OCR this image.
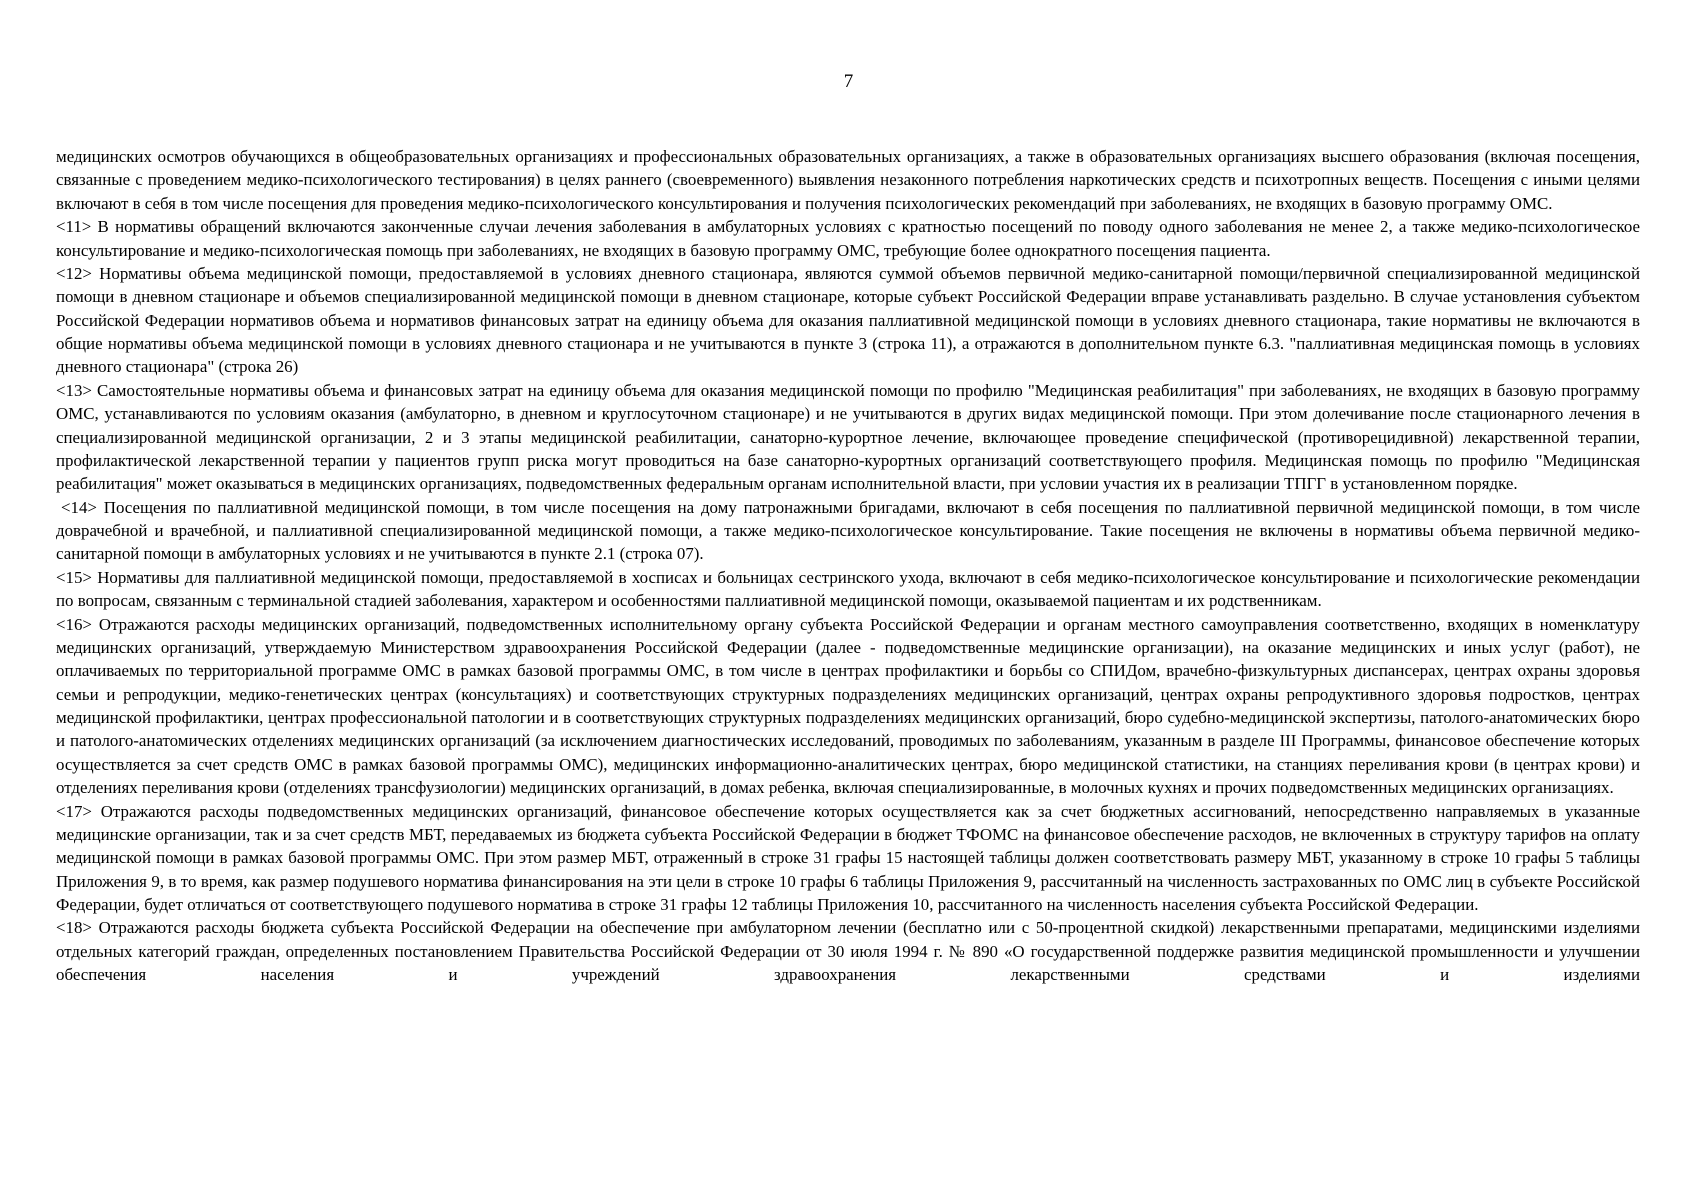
7

медицинских осмотров обучающихся в общеобразовательных организациях и профессиональных образовательных организациях, а также в образовательных организациях высшего образования (включая посещения, связанные с проведением медико-психологического тестирования) в целях раннего (своевременного) выявления незаконного потребления наркотических средств и психотропных веществ. Посещения с иными целями включают в себя в том числе посещения для проведения медико-психологического консультирования и получения психологических рекомендаций при заболеваниях, не входящих в базовую программу ОМС.

<11> В нормативы обращений включаются законченные случаи лечения заболевания в амбулаторных условиях с кратностью посещений по поводу одного заболевания не менее 2, а также медико-психологическое консультирование и медико-психологическая помощь при заболеваниях, не входящих в базовую программу ОМС, требующие более однократного посещения пациента.

<12> Нормативы объема медицинской помощи, предоставляемой в условиях дневного стационара, являются суммой объемов первичной медико-санитарной помощи/первичной специализированной медицинской помощи в дневном стационаре и объемов специализированной медицинской помощи в дневном стационаре, которые субъект Российской Федерации вправе устанавливать раздельно. В случае установления субъектом Российской Федерации нормативов объема и нормативов финансовых затрат на единицу объема для оказания паллиативной медицинской помощи в условиях дневного стационара, такие нормативы не включаются в общие нормативы объема медицинской помощи в условиях дневного стационара и не учитываются в пункте 3 (строка 11), а отражаются в дополнительном пункте 6.3. "паллиативная медицинская помощь в условиях дневного стационара" (строка 26)

<13> Самостоятельные нормативы объема и финансовых затрат на единицу объема для оказания медицинской помощи по профилю "Медицинская реабилитация" при заболеваниях, не входящих в базовую программу ОМС, устанавливаются по условиям оказания (амбулаторно, в дневном и круглосуточном стационаре) и не учитываются в других видах медицинской помощи. При этом долечивание после стационарного лечения в специализированной медицинской организации, 2 и 3 этапы медицинской реабилитации, санаторно-курортное лечение, включающее проведение специфической (противорецидивной) лекарственной терапии, профилактической лекарственной терапии у пациентов групп риска могут проводиться на базе санаторно-курортных организаций соответствующего профиля. Медицинская помощь по профилю "Медицинская реабилитация" может оказываться в медицинских организациях, подведомственных федеральным органам исполнительной власти, при условии участия их в реализации ТПГГ в установленном порядке.

<14> Посещения по паллиативной медицинской помощи, в том числе посещения на дому патронажными бригадами, включают в себя посещения по паллиативной первичной медицинской помощи, в том числе доврачебной и врачебной, и паллиативной специализированной медицинской помощи, а также медико-психологическое консультирование. Такие посещения не включены в нормативы объема первичной медико-санитарной помощи в амбулаторных условиях и не учитываются в пункте 2.1 (строка 07).

<15> Нормативы для паллиативной медицинской помощи, предоставляемой в хосписах и больницах сестринского ухода, включают в себя медико-психологическое консультирование и психологические рекомендации по вопросам, связанным с терминальной стадией заболевания, характером и особенностями паллиативной медицинской помощи, оказываемой пациентам и их родственникам.

<16> Отражаются расходы медицинских организаций, подведомственных исполнительному органу субъекта Российской Федерации и органам местного самоуправления соответственно, входящих в номенклатуру медицинских организаций, утверждаемую Министерством здравоохранения Российской Федерации (далее - подведомственные медицинские организации), на оказание медицинских и иных услуг (работ), не оплачиваемых по территориальной программе ОМС в рамках базовой программы ОМС, в том числе в центрах профилактики и борьбы со СПИДом, врачебно-физкультурных диспансерах, центрах охраны здоровья семьи и репродукции, медико-генетических центрах (консультациях) и соответствующих структурных подразделениях медицинских организаций, центрах охраны репродуктивного здоровья подростков, центрах медицинской профилактики, центрах профессиональной патологии и в соответствующих структурных подразделениях медицинских организаций, бюро судебно-медицинской экспертизы, патолого-анатомических бюро и патолого-анатомических отделениях медицинских организаций (за исключением диагностических исследований, проводимых по заболеваниям, указанным в разделе III Программы, финансовое обеспечение которых осуществляется за счет средств ОМС в рамках базовой программы ОМС), медицинских информационно-аналитических центрах, бюро медицинской статистики, на станциях переливания крови (в центрах крови) и отделениях переливания крови (отделениях трансфузиологии) медицинских организаций, в домах ребенка, включая специализированные, в молочных кухнях и прочих подведомственных медицинских организациях.

<17> Отражаются расходы подведомственных медицинских организаций, финансовое обеспечение которых осуществляется как за счет бюджетных ассигнований, непосредственно направляемых в указанные медицинские организации, так и за счет средств МБТ, передаваемых из бюджета субъекта Российской Федерации в бюджет ТФОМС на финансовое обеспечение расходов, не включенных в структуру тарифов на оплату медицинской помощи в рамках базовой программы ОМС. При этом размер МБТ, отраженный в строке 31 графы 15 настоящей таблицы должен соответствовать размеру МБТ, указанному в строке 10 графы 5 таблицы Приложения 9, в то время, как размер подушевого норматива финансирования на эти цели в строке 10 графы 6 таблицы Приложения 9, рассчитанный на численность застрахованных по ОМС лиц в субъекте Российской Федерации, будет отличаться от соответствующего подушевого норматива в строке 31 графы 12 таблицы Приложения 10, рассчитанного на численность населения субъекта Российской Федерации.

<18> Отражаются расходы бюджета субъекта Российской Федерации на обеспечение при амбулаторном лечении (бесплатно или с 50-процентной скидкой) лекарственными препаратами, медицинскими изделиями отдельных категорий граждан, определенных постановлением Правительства Российской Федерации от 30 июля 1994 г. № 890 «О государственной поддержке развития медицинской промышленности и улучшении обеспечения населения и учреждений здравоохранения лекарственными средствами и изделиями
